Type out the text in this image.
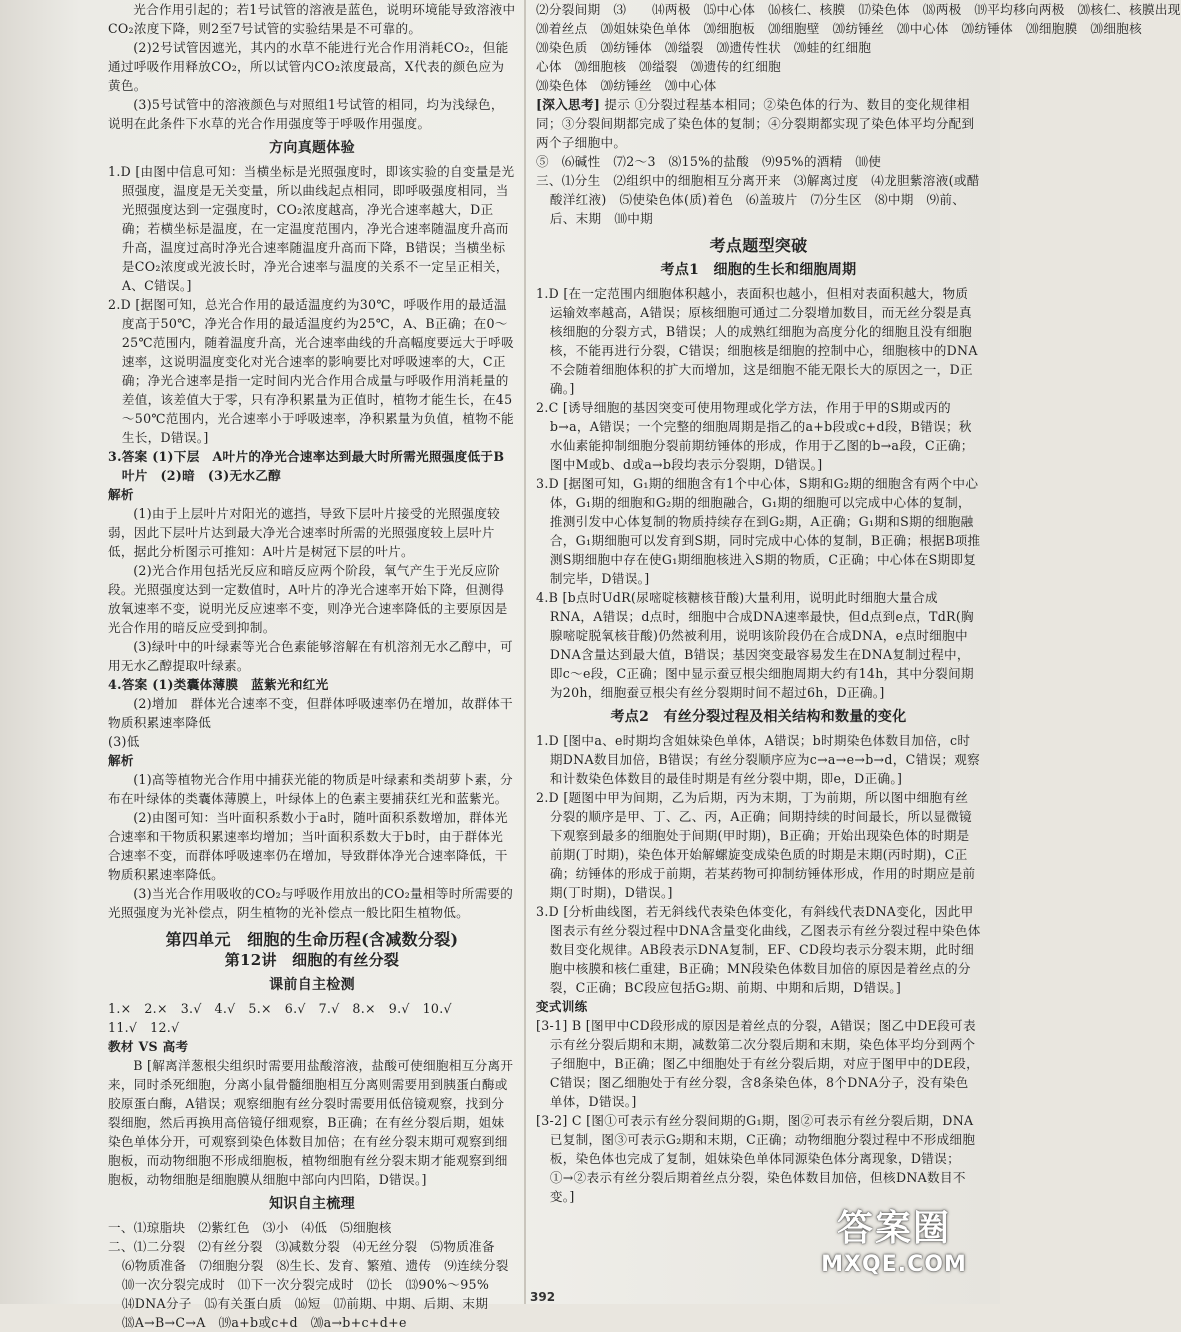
光合作用引起的；若1号试管的溶液是蓝色，说明环境能导致溶液中CO₂浓度下降，则2至7号试管的实验结果是不可靠的。

(2)2号试管因遮光，其内的水草不能进行光合作用消耗CO₂，但能通过呼吸作用释放CO₂，所以试管内CO₂浓度最高，X代表的颜色应为黄色。

(3)5号试管中的溶液颜色与对照组1号试管的相同，均为浅绿色，说明在此条件下水草的光合作用强度等于呼吸作用强度。

方向真题体验

1.D [由图中信息可知：当横坐标是光照强度时，即该实验的自变量是光照强度，温度是无关变量，所以曲线起点相同，即呼吸强度相同，当光照强度达到一定强度时，CO₂浓度越高，净光合速率越大，D正确；若横坐标是温度，在一定温度范围内，净光合速率随温度升高而升高，温度过高时净光合速率随温度升高而下降，B错误；当横坐标是CO₂浓度或光波长时，净光合速率与温度的关系不一定呈正相关，A、C错误。]

2.D [据图可知，总光合作用的最适温度约为30℃，呼吸作用的最适温度高于50℃，净光合作用的最适温度约为25℃，A、B正确；在0～25℃范围内，随着温度升高，光合速率曲线的升高幅度要远大于呼吸速率，这说明温度变化对光合速率的影响要比对呼吸速率的大，C正确；净光合速率是指一定时间内光合作用合成量与呼吸作用消耗量的差值，该差值大于零，只有净积累量为正值时，植物才能生长，在45～50℃范围内，光合速率小于呼吸速率，净积累量为负值，植物不能生长，D错误。]

3.答案 (1)下层　A叶片的净光合速率达到最大时所需光照强度低于B叶片　(2)暗　(3)无水乙醇

解析

(1)由于上层叶片对阳光的遮挡，导致下层叶片接受的光照强度较弱，因此下层叶片达到最大净光合速率时所需的光照强度较上层叶片低，据此分析图示可推知：A叶片是树冠下层的叶片。

(2)光合作用包括光反应和暗反应两个阶段，氧气产生于光反应阶段。光照强度达到一定数值时，A叶片的净光合速率开始下降，但测得放氧速率不变，说明光反应速率不变，则净光合速率降低的主要原因是光合作用的暗反应受到抑制。

(3)绿叶中的叶绿素等光合色素能够溶解在有机溶剂无水乙醇中，可用无水乙醇提取叶绿素。

4.答案 (1)类囊体薄膜　蓝紫光和红光

(2)增加　群体光合速率不变，但群体呼吸速率仍在增加，故群体干物质积累速率降低

(3)低

解析

(1)高等植物光合作用中捕获光能的物质是叶绿素和类胡萝卜素，分布在叶绿体的类囊体薄膜上，叶绿体上的色素主要捕获红光和蓝紫光。

(2)由图可知：当叶面积系数小于a时，随叶面积系数增加，群体光合速率和干物质积累速率均增加；当叶面积系数大于b时，由于群体光合速率不变，而群体呼吸速率仍在增加，导致群体净光合速率降低，干物质积累速率降低。

(3)当光合作用吸收的CO₂与呼吸作用放出的CO₂量相等时所需要的光照强度为光补偿点，阴生植物的光补偿点一般比阳生植物低。

第四单元　细胞的生命历程(含减数分裂)
第12讲　细胞的有丝分裂
课前自主检测

1.×　2.×　3.√　4.√　5.×　6.√　7.√　8.×　9.√　10.√

11.√　12.√

教材 VS 高考

B [解离洋葱根尖组织时需要用盐酸溶液，盐酸可使细胞相互分离开来，同时杀死细胞，分离小鼠骨髓细胞相互分离则需要用到胰蛋白酶或胶原蛋白酶，A错误；观察细胞有丝分裂时需要用低倍镜观察，找到分裂细胞，然后再换用高倍镜仔细观察，B正确；在有丝分裂后期，姐妹染色单体分开，可观察到染色体数目加倍；在有丝分裂末期可观察到细胞板，而动物细胞不形成细胞板，植物细胞有丝分裂末期才能观察到细胞板，动物细胞是细胞膜从细胞中部向内凹陷，D错误。]

知识自主梳理

一、⑴琼脂块　⑵紫红色　⑶小　⑷低　⑸细胞核

二、⑴二分裂　⑵有丝分裂　⑶减数分裂　⑷无丝分裂　⑸物质准备　⑹物质准备　⑺细胞分裂　⑻生长、发育、繁殖、遗传　⑼连续分裂　⑽一次分裂完成时　⑾下一次分裂完成时　⑿长　⒀90%～95%　⒁DNA分子　⒂有关蛋白质　⒃短　⒄前期、中期、后期、末期　⒅A→B→C→A　⒆a+b或c+d　⒇a→b+c+d+e

⑵分裂间期　⑶　　⒁两极　⒂中心体　⒃核仁、核膜　⒄染色体　⒅两极　⒆平均移向两极　⒇核仁、核膜出现

⒇着丝点　⒇姐妹染色单体　⒇细胞板　⒇细胞壁　⒇纺锤丝　⒇中心体　⒇纺锤体　⒇细胞膜　⒇细胞核

⒇染色质　⒇纺锤体　⒇缢裂　⒇遗传性状　⒇蛙的红细胞

心体　⒇细胞核　⒇缢裂　⒇遗传的红细胞

⒇染色体　⒇纺锤丝　⒇中心体

[深入思考] 提示 ①分裂过程基本相同；②染色体的行为、数目的变化规律相同；③分裂间期都完成了染色体的复制；④分裂期都实现了染色体平均分配到两个子细胞中。

⑤　⑹碱性　⑺2～3　⑻15%的盐酸　⑼95%的酒精　⑽使

三、⑴分生　⑵组织中的细胞相互分离开来　⑶解离过度　⑷龙胆紫溶液(或醋酸洋红液)　⑸使染色体(质)着色　⑹盖玻片　⑺分生区　⑻中期　⑼前、后、末期　⑽中期

考点题型突破
考点1　细胞的生长和细胞周期

1.D [在一定范围内细胞体积越小，表面积也越小，但相对表面积越大，物质运输效率越高，A错误；原核细胞可通过二分裂增加数目，而无丝分裂是真核细胞的分裂方式，B错误；人的成熟红细胞为高度分化的细胞且没有细胞核，不能再进行分裂，C错误；细胞核是细胞的控制中心，细胞核中的DNA不会随着细胞体积的扩大而增加，这是细胞不能无限长大的原因之一，D正确。]

2.C [诱导细胞的基因突变可使用物理或化学方法，作用于甲的S期或丙的b→a，A错误；一个完整的细胞周期是指乙的a+b段或c+d段，B错误；秋水仙素能抑制细胞分裂前期纺锤体的形成，作用于乙图的b→a段，C正确；图中M或b、d或a→b段均表示分裂期，D错误。]

3.D [据图可知，G₁期的细胞含有1个中心体，S期和G₂期的细胞含有两个中心体，G₁期的细胞和G₂期的细胞融合，G₁期的细胞可以完成中心体的复制，推测引发中心体复制的物质持续存在到G₂期，A正确；G₁期和S期的细胞融合，G₁期细胞可以发育到S期，同时完成中心体的复制，B正确；根据B项推测S期细胞中存在使G₁期细胞核进入S期的物质，C正确；中心体在S期即复制完毕，D错误。]

4.B [b点时UdR(尿嘧啶核糖核苷酸)大量利用，说明此时细胞大量合成RNA，A错误；d点时，细胞中合成DNA速率最快，但d点到e点，TdR(胸腺嘧啶脱氧核苷酸)仍然被利用，说明该阶段仍在合成DNA，e点时细胞中DNA含量达到最大值，B错误；基因突变最容易发生在DNA复制过程中，即c～e段，C正确；图中显示蚕豆根尖细胞周期大约有14h，其中分裂间期为20h，细胞蚕豆根尖有丝分裂期时间不超过6h，D正确。]

考点2　有丝分裂过程及相关结构和数量的变化

1.D [图中a、e时期均含姐妹染色单体，A错误；b时期染色体数目加倍，c时期DNA数目加倍，B错误；有丝分裂顺序应为c→a→e→b→d，C错误；观察和计数染色体数目的最佳时期是有丝分裂中期，即e，D正确。]

2.D [题图中甲为间期，乙为后期，丙为末期，丁为前期，所以图中细胞有丝分裂的顺序是甲、丁、乙、丙，A正确；间期持续的时间最长，所以显微镜下观察到最多的细胞处于间期(甲时期)，B正确；开始出现染色体的时期是前期(丁时期)，染色体开始解螺旋变成染色质的时期是末期(丙时期)，C正确；纺锤体的形成于前期，若某药物可抑制纺锤体形成，作用的时期应是前期(丁时期)，D错误。]

3.D [分析曲线图，若无斜线代表染色体变化，有斜线代表DNA变化，因此甲图表示有丝分裂过程中DNA含量变化曲线，乙图表示有丝分裂过程中染色体数目变化规律。AB段表示DNA复制，EF、CD段均表示分裂末期，此时细胞中核膜和核仁重建，B正确；MN段染色体数目加倍的原因是着丝点的分裂，C正确；BC段应包括G₂期、前期、中期和后期，D错误。]

变式训练

[3-1] B [图甲中CD段形成的原因是着丝点的分裂，A错误；图乙中DE段可表示有丝分裂后期和末期，减数第二次分裂后期和末期，染色体平均分到两个子细胞中，B正确；图乙中细胞处于有丝分裂后期，对应于图甲中的DE段，C错误；图乙细胞处于有丝分裂，含8条染色体，8个DNA分子，没有染色单体，D错误。]

[3-2] C [图①可表示有丝分裂间期的G₁期，图②可表示有丝分裂后期，DNA已复制，图③可表示G₂期和末期，C正确；动物细胞分裂过程中不形成细胞板，染色体也完成了复制，姐妹染色单体同源染色体分离现象，D错误；①→②表示有丝分裂后期着丝点分裂，染色体数目加倍，但核DNA数目不变。]

392
答案圈
MXQE.COM
